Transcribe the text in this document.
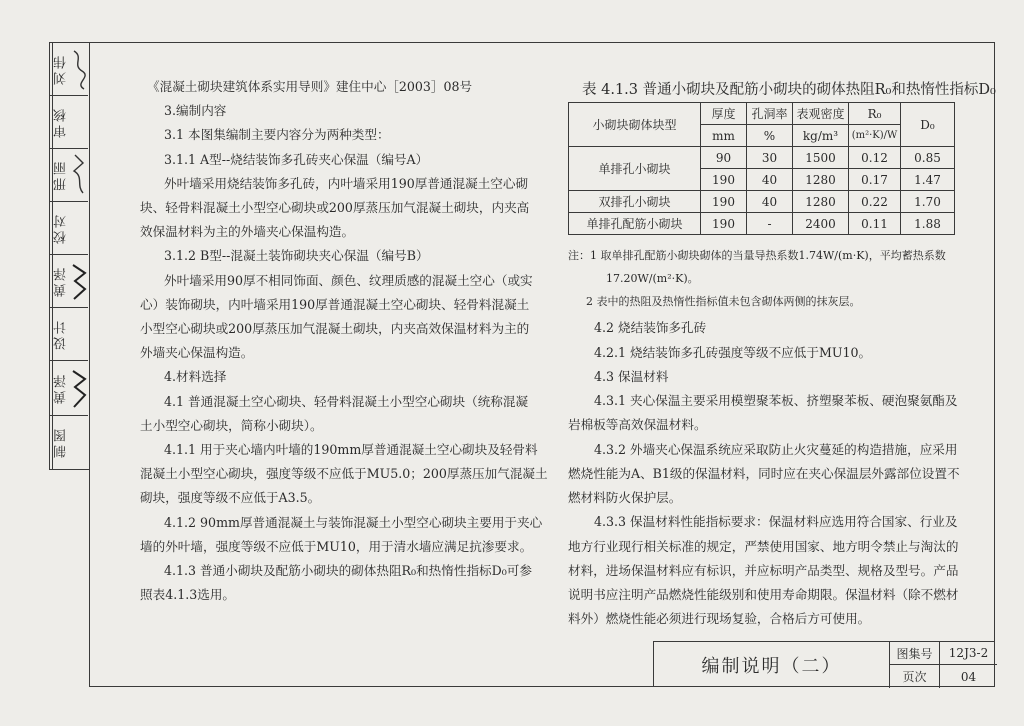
刘伟
审核
邢丽
校对
黄泽
设计
黄泽
制图
《混凝土砌块建筑体系实用导则》建住中心［2003］08号
3.编制内容
3.1 本图集编制主要内容分为两种类型：
3.1.1 A型--烧结装饰多孔砖夹心保温（编号A）
外叶墙采用烧结装饰多孔砖，内叶墙采用190厚普通混凝土空心砌
块、轻骨料混凝土小型空心砌块或200厚蒸压加气混凝土砌块，内夹高
效保温材料为主的外墙夹心保温构造。
3.1.2 B型--混凝土装饰砌块夹心保温（编号B）
外叶墙采用90厚不相同饰面、颜色、纹理质感的混凝土空心（或实
心）装饰砌块，内叶墙采用190厚普通混凝土空心砌块、轻骨料混凝土
小型空心砌块或200厚蒸压加气混凝土砌块，内夹高效保温材料为主的
外墙夹心保温构造。
4.材料选择
4.1 普通混凝土空心砌块、轻骨料混凝土小型空心砌块（统称混凝
土小型空心砌块，简称小砌块）。
4.1.1 用于夹心墙内叶墙的190mm厚普通混凝土空心砌块及轻骨料
混凝土小型空心砌块，强度等级不应低于MU5.0；200厚蒸压加气混凝土
砌块，强度等级不应低于A3.5。
4.1.2 90mm厚普通混凝土与装饰混凝土小型空心砌块主要用于夹心
墙的外叶墙，强度等级不应低于MU10，用于清水墙应满足抗渗要求。
4.1.3 普通小砌块及配筋小砌块的砌体热阻R₀和热惰性指标D₀可参
照表4.1.3选用。
表 4.1.3 普通小砌块及配筋小砌块的砌体热阻R₀和热惰性指标D₀
小砌块砌体块型	厚度	孔洞率	表观密度	R₀	D₀
	mm	%	kg/m³	(m²·K)/W	
单排孔小砌块	90	30	1500	0.12	0.85
	190	40	1280	0.17	1.47
双排孔小砌块	190	40	1280	0.22	1.70
单排孔配筋小砌块	190	-	2400	0.11	1.88
注：1 取单排孔配筋小砌块砌体的当量导热系数1.74W/(m·K)，平均蓄热系数
17.20W/(m²·K)。
2 表中的热阻及热惰性指标值未包含砌体两侧的抹灰层。
4.2 烧结装饰多孔砖
4.2.1 烧结装饰多孔砖强度等级不应低于MU10。
4.3 保温材料
4.3.1 夹心保温主要采用模塑聚苯板、挤塑聚苯板、硬泡聚氨酯及
岩棉板等高效保温材料。
4.3.2 外墙夹心保温系统应采取防止火灾蔓延的构造措施，应采用
燃烧性能为A、B1级的保温材料，同时应在夹心保温层外露部位设置不
燃材料防火保护层。
4.3.3 保温材料性能指标要求：保温材料应选用符合国家、行业及
地方行业现行相关标准的规定，严禁使用国家、地方明令禁止与淘汰的
材料，进场保温材料应有标识，并应标明产品类型、规格及型号。产品
说明书应注明产品燃烧性能级别和使用寿命期限。保温材料（除不燃材
料外）燃烧性能必须进行现场复验，合格后方可使用。
编制说明（二）
图集号	12J3-2
页次	04
